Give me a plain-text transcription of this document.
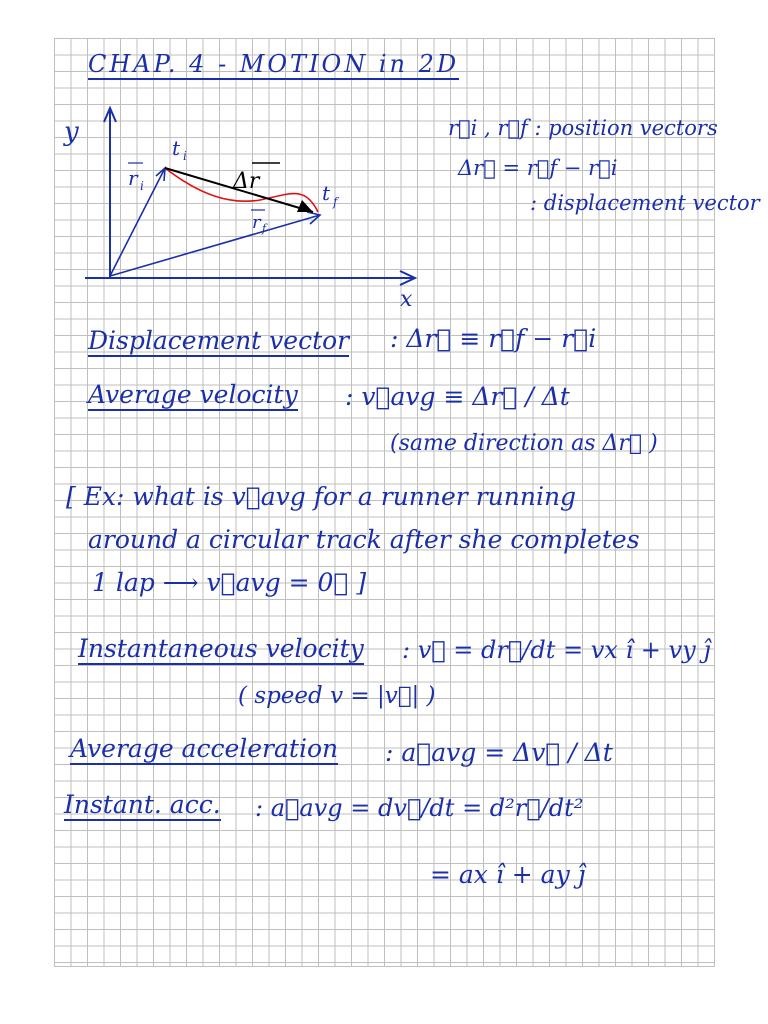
CHAP. 4 - MOTION in 2D
y
x
t i
t f
r i
r f
Δr
r⃗i , r⃗f : position vectors
Δr⃗ = r⃗f − r⃗i
: displacement vector
Displacement vector : Δr⃗ ≡ r⃗f − r⃗i
Average velocity : v⃗avg ≡ Δr⃗ / Δt
(same direction as Δr⃗ )
[ Ex: what is v⃗avg for a runner running
around a circular track after she completes
1 lap ⟶ v⃗avg = 0⃗ ]
Instantaneous velocity : v⃗ = dr⃗/dt = vx î + vy ĵ
( speed v = |v⃗| )
Average acceleration : a⃗avg = Δv⃗ / Δt
Instant. acc. : a⃗avg = dv⃗/dt = d²r⃗/dt²
= ax î + ay ĵ
